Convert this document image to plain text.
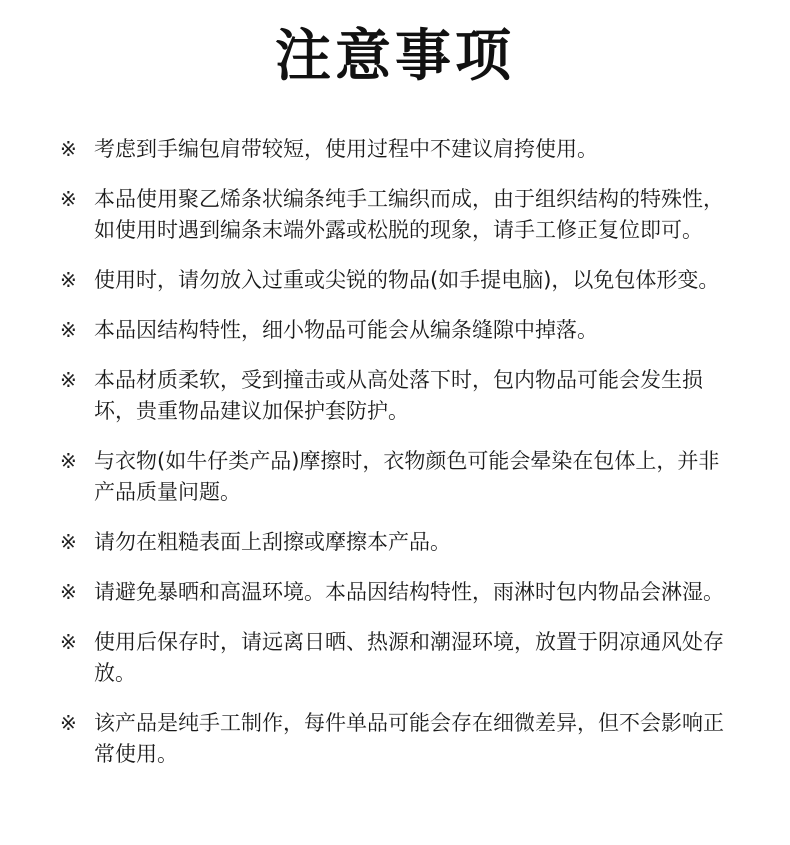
注意事项
※ 考虑到手编包肩带较短，使用过程中不建议肩挎使用。
※ 本品使用聚乙烯条状编条纯手工编织而成，由于组织结构的特殊性，如使用时遇到编条末端外露或松脱的现象，请手工修正复位即可。
※ 使用时，请勿放入过重或尖锐的物品(如手提电脑)，以免包体形变。
※ 本品因结构特性，细小物品可能会从编条缝隙中掉落。
※ 本品材质柔软，受到撞击或从高处落下时，包内物品可能会发生损坏，贵重物品建议加保护套防护。
※ 与衣物(如牛仔类产品)摩擦时，衣物颜色可能会晕染在包体上，并非产品质量问题。
※ 请勿在粗糙表面上刮擦或摩擦本产品。
※ 请避免暴晒和高温环境。本品因结构特性，雨淋时包内物品会淋湿。
※ 使用后保存时，请远离日晒、热源和潮湿环境，放置于阴凉通风处存放。
※ 该产品是纯手工制作，每件单品可能会存在细微差异，但不会影响正常使用。
